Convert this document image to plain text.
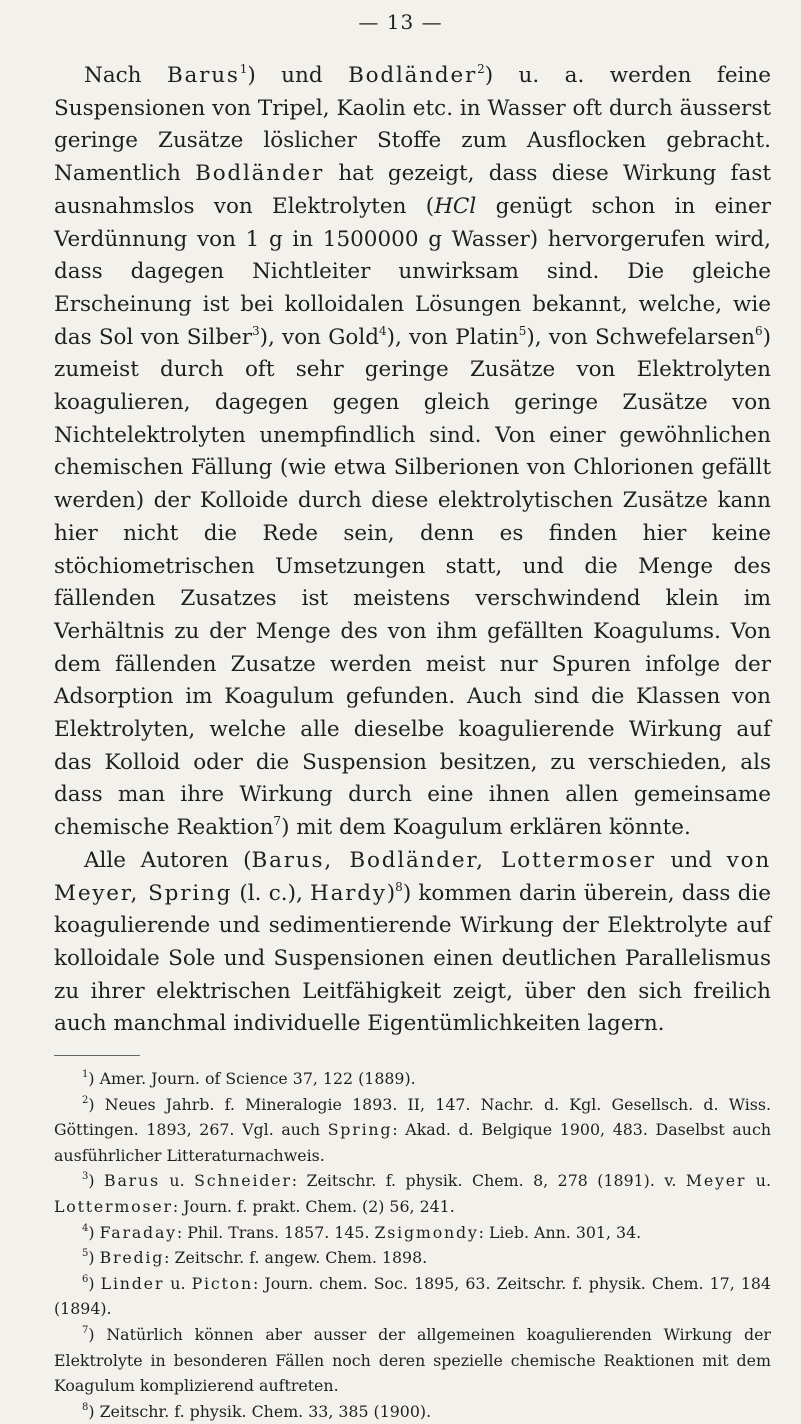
— 13 —

Nach Barus$^1$) und Bodländer$^2$) u. a. werden feine Suspensionen von Tripel, Kaolin etc. in Wasser oft durch äusserst geringe Zusätze löslicher Stoffe zum Ausflocken gebracht. Namentlich Bodländer hat gezeigt, dass diese Wirkung fast ausnahmslos von Elektrolyten (HCl genügt schon in einer Verdünnung von 1 g in 1500000 g Wasser) hervorgerufen wird, dass dagegen Nichtleiter unwirksam sind. Die gleiche Erscheinung ist bei kolloidalen Lösungen bekannt, welche, wie das Sol von Silber$^3$), von Gold$^4$), von Platin$^5$), von Schwefelarsen$^6$) zumeist durch oft sehr geringe Zusätze von Elektrolyten koagulieren, dagegen gegen gleich geringe Zusätze von Nichtelektrolyten unempfindlich sind. Von einer gewöhnlichen chemischen Fällung (wie etwa Silberionen von Chlorionen gefällt werden) der Kolloide durch diese elektrolytischen Zusätze kann hier nicht die Rede sein, denn es finden hier keine stöchiometrischen Umsetzungen statt, und die Menge des fällenden Zusatzes ist meistens verschwindend klein im Verhältnis zu der Menge des von ihm gefällten Koagulums. Von dem fällenden Zusatze werden meist nur Spuren infolge der Adsorption im Koagulum gefunden. Auch sind die Klassen von Elektrolyten, welche alle dieselbe koagulierende Wirkung auf das Kolloid oder die Suspension besitzen, zu verschieden, als dass man ihre Wirkung durch eine ihnen allen gemeinsame chemische Reaktion$^7$) mit dem Koagulum erklären könnte.

Alle Autoren (Barus, Bodländer, Lottermoser und von Meyer, Spring (l. c.), Hardy)$^8$) kommen darin überein, dass die koagulierende und sedimentierende Wirkung der Elektrolyte auf kolloidale Sole und Suspensionen einen deutlichen Parallelismus zu ihrer elektrischen Leitfähigkeit zeigt, über den sich freilich auch manchmal individuelle Eigentümlichkeiten lagern.

$^1$) Amer. Journ. of Science 37, 122 (1889).

$^2$) Neues Jahrb. f. Mineralogie 1893. II, 147. Nachr. d. Kgl. Gesellsch. d. Wiss. Göttingen. 1893, 267. Vgl. auch Spring: Akad. d. Belgique 1900, 483. Daselbst auch ausführlicher Litteraturnachweis.

$^3$) Barus u. Schneider: Zeitschr. f. physik. Chem. 8, 278 (1891). v. Meyer u. Lottermoser: Journ. f. prakt. Chem. (2) 56, 241.

$^4$) Faraday: Phil. Trans. 1857. 145. Zsigmondy: Lieb. Ann. 301, 34.

$^5$) Bredig: Zeitschr. f. angew. Chem. 1898.

$^6$) Linder u. Picton: Journ. chem. Soc. 1895, 63. Zeitschr. f. physik. Chem. 17, 184 (1894).

$^7$) Natürlich können aber ausser der allgemeinen koagulierenden Wirkung der Elektrolyte in besonderen Fällen noch deren spezielle chemische Reaktionen mit dem Koagulum komplizierend auftreten.

$^8$) Zeitschr. f. physik. Chem. 33, 385 (1900).
